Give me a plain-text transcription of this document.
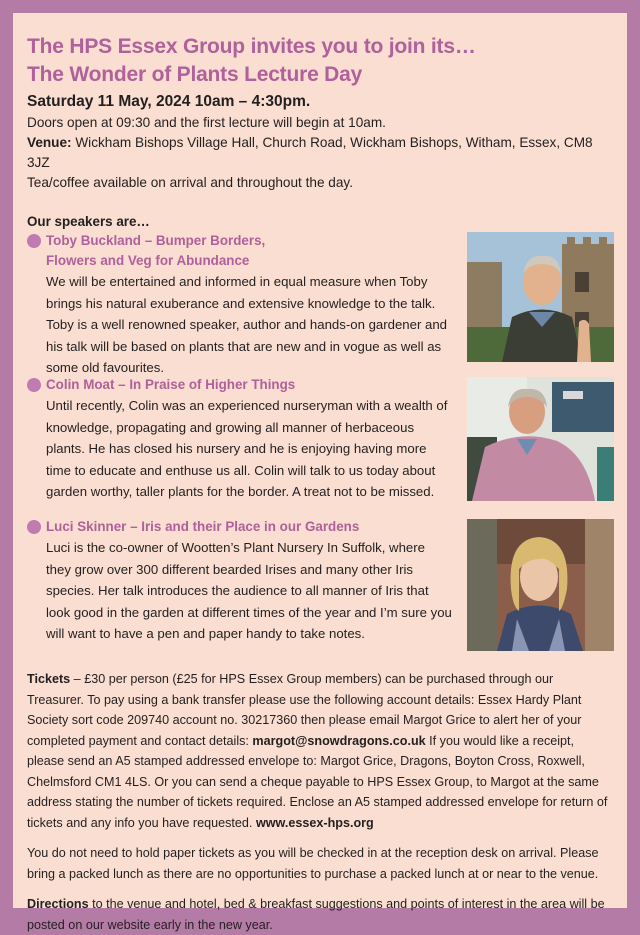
The HPS Essex Group invites you to join its…
The Wonder of Plants Lecture Day
Saturday 11 May, 2024 10am – 4:30pm.
Doors open at 09:30 and the first lecture will begin at 10am.
Venue: Wickham Bishops Village Hall, Church Road, Wickham Bishops, Witham, Essex, CM8 3JZ
Tea/coffee available on arrival and throughout the day.
Our speakers are…
Toby Buckland – Bumper Borders, Flowers and Veg for Abundance
We will be entertained and informed in equal measure when Toby brings his natural exuberance and extensive knowledge to the talk. Toby is a well renowned speaker, author and hands-on gardener and his talk will be based on plants that are new and in vogue as well as some old favourites.
Colin Moat – In Praise of Higher Things
Until recently, Colin was an experienced nurseryman with a wealth of knowledge, propagating and growing all manner of herbaceous plants. He has closed his nursery and he is enjoying having more time to educate and enthuse us all. Colin will talk to us today about garden worthy, taller plants for the border. A treat not to be missed.
Luci Skinner – Iris and their Place in our Gardens
Luci is the co-owner of Wootten’s Plant Nursery In Suffolk, where they grow over 300 different bearded Irises and many other Iris species. Her talk introduces the audience to all manner of Iris that look good in the garden at different times of the year and I’m sure you will want to have a pen and paper handy to take notes.
Tickets – £30 per person (£25 for HPS Essex Group members) can be purchased through our Treasurer. To pay using a bank transfer please use the following account details: Essex Hardy Plant Society sort code 209740 account no. 30217360 then please email Margot Grice to alert her of your completed payment and contact details: margot@snowdragons.co.uk If you would like a receipt, please send an A5 stamped addressed envelope to: Margot Grice, Dragons, Boyton Cross, Roxwell, Chelmsford CM1 4LS. Or you can send a cheque payable to HPS Essex Group, to Margot at the same address stating the number of tickets required. Enclose an A5 stamped addressed envelope for return of tickets and any info you have requested. www.essex-hps.org
You do not need to hold paper tickets as you will be checked in at the reception desk on arrival. Please bring a packed lunch as there are no opportunities to purchase a packed lunch at or near to the venue.
Directions to the venue and hotel, bed & breakfast suggestions and points of interest in the area will be posted on our website early in the new year.
